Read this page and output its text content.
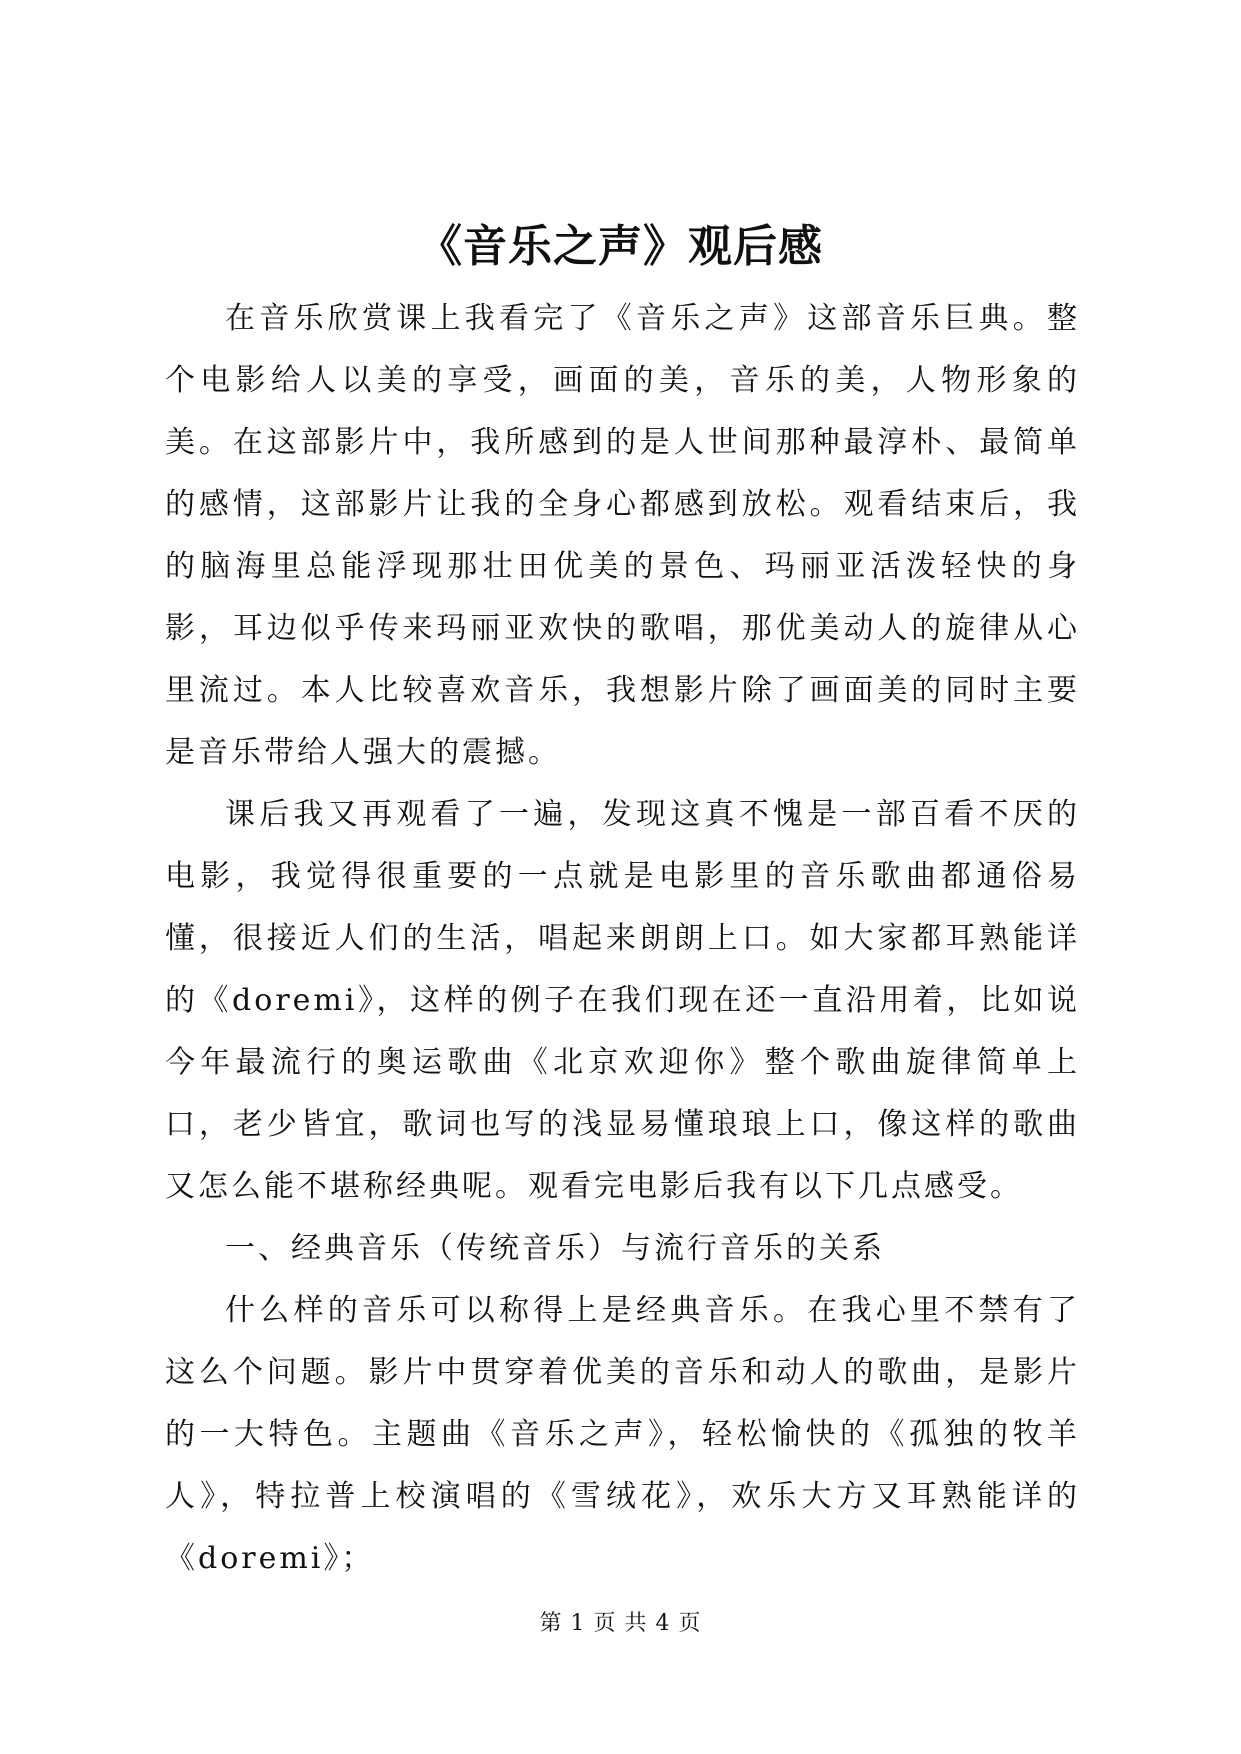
《音乐之声》观后感

在音乐欣赏课上我看完了《音乐之声》这部音乐巨典。整个电影给人以美的享受，画面的美，音乐的美，人物形象的美。在这部影片中，我所感到的是人世间那种最淳朴、最简单的感情，这部影片让我的全身心都感到放松。观看结束后，我的脑海里总能浮现那壮田优美的景色、玛丽亚活泼轻快的身影，耳边似乎传来玛丽亚欢快的歌唱，那优美动人的旋律从心里流过。本人比较喜欢音乐，我想影片除了画面美的同时主要是音乐带给人强大的震撼。

课后我又再观看了一遍，发现这真不愧是一部百看不厌的电影，我觉得很重要的一点就是电影里的音乐歌曲都通俗易懂，很接近人们的生活，唱起来朗朗上口。如大家都耳熟能详的《doremi》，这样的例子在我们现在还一直沿用着，比如说今年最流行的奥运歌曲《北京欢迎你》整个歌曲旋律简单上口，老少皆宜，歌词也写的浅显易懂琅琅上口，像这样的歌曲又怎么能不堪称经典呢。观看完电影后我有以下几点感受。

一、经典音乐（传统音乐）与流行音乐的关系

什么样的音乐可以称得上是经典音乐。在我心里不禁有了这么个问题。影片中贯穿着优美的音乐和动人的歌曲，是影片的一大特色。主题曲《音乐之声》，轻松愉快的《孤独的牧羊人》，特拉普上校演唱的《雪绒花》，欢乐大方又耳熟能详的《doremi》；

第 1 页 共 4 页
